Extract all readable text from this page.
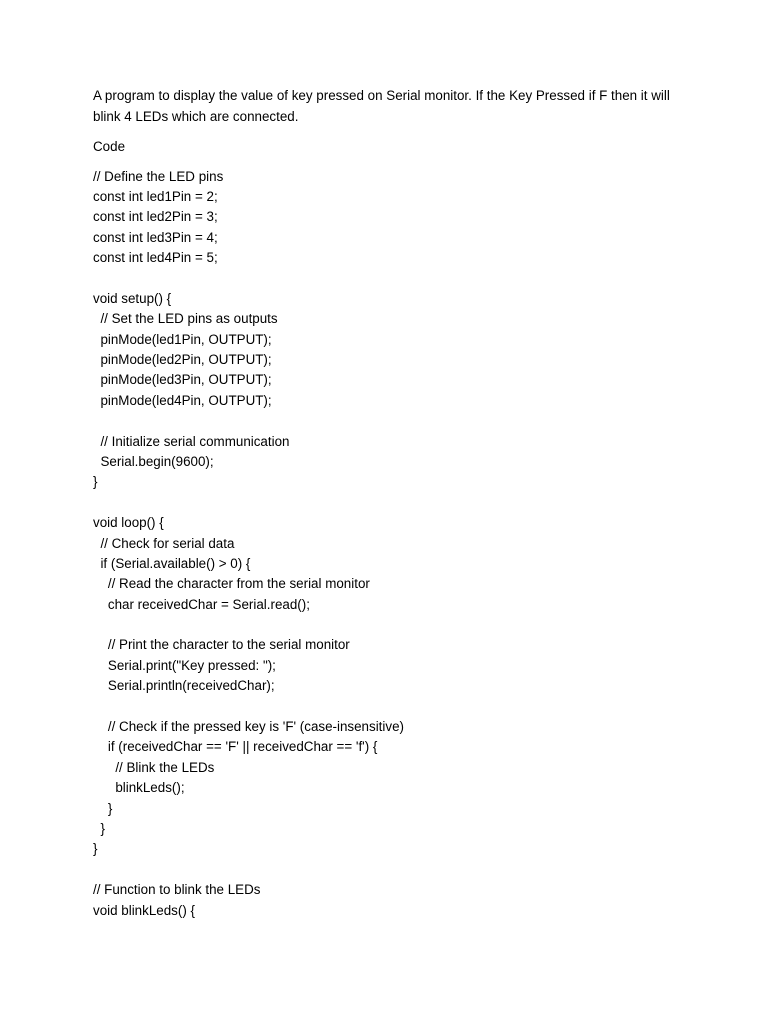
A program to display the value of key pressed on Serial monitor. If the Key Pressed if F then it will blink 4 LEDs which are connected.

Code

// Define the LED pins
const int led1Pin = 2;
const int led2Pin = 3;
const int led3Pin = 4;
const int led4Pin = 5;
void setup() {
// Set the LED pins as outputs
pinMode(led1Pin, OUTPUT);
pinMode(led2Pin, OUTPUT);
pinMode(led3Pin, OUTPUT);
pinMode(led4Pin, OUTPUT);
// Initialize serial communication
Serial.begin(9600);
}
void loop() {
// Check for serial data
if (Serial.available() > 0) {
// Read the character from the serial monitor
char receivedChar = Serial.read();
// Print the character to the serial monitor
Serial.print("Key pressed: ");
Serial.println(receivedChar);
// Check if the pressed key is 'F' (case-insensitive)
if (receivedChar == 'F' || receivedChar == 'f') {
// Blink the LEDs
blinkLeds();
}
}
}
// Function to blink the LEDs
void blinkLeds() {
